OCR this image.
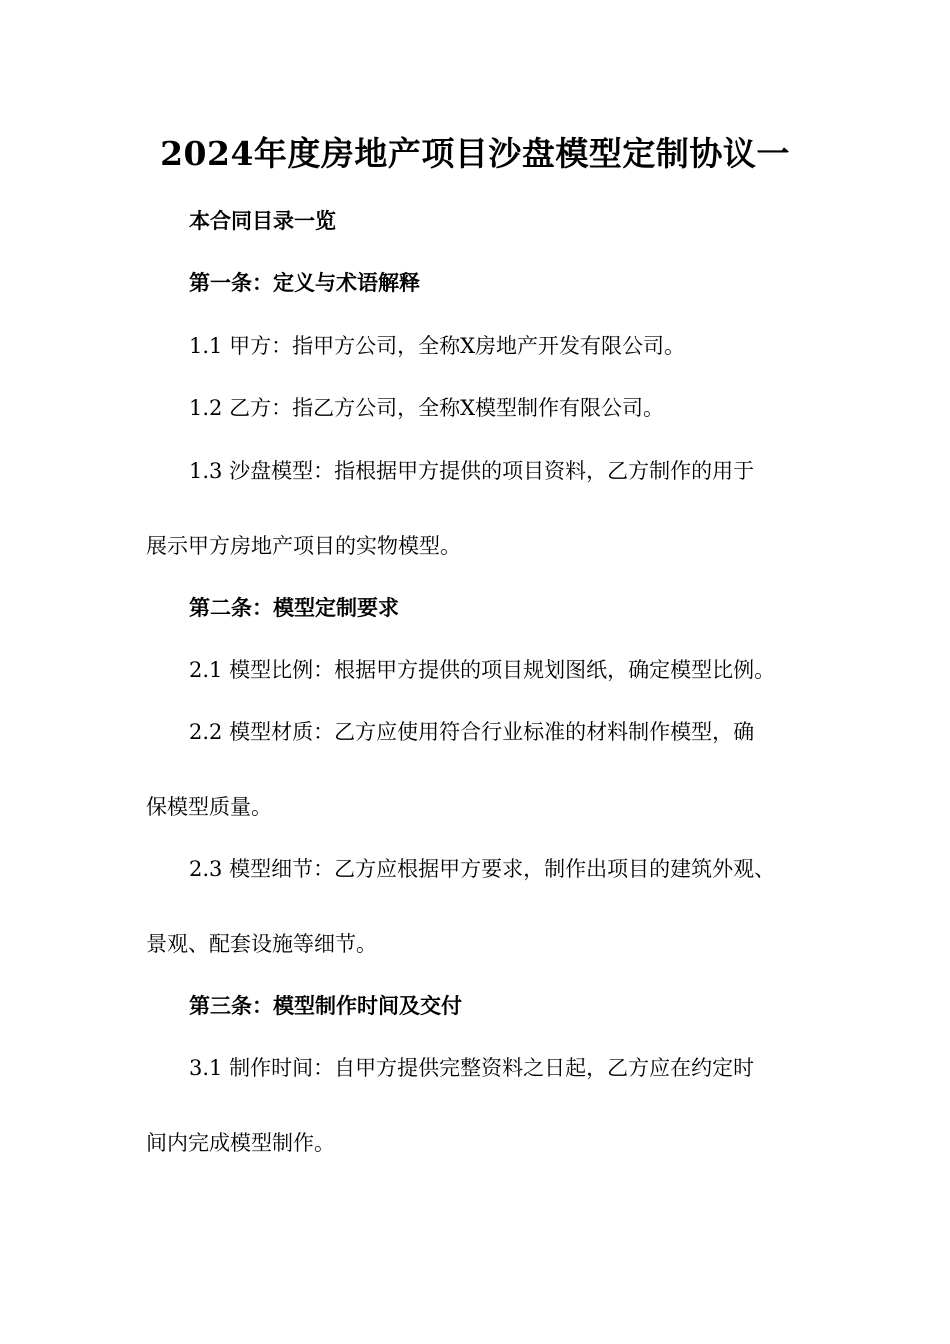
2024年度房地产项目沙盘模型定制协议一
本合同目录一览
第一条：定义与术语解释
1.1 甲方：指甲方公司，全称X房地产开发有限公司。
1.2 乙方：指乙方公司，全称X模型制作有限公司。
1.3 沙盘模型：指根据甲方提供的项目资料，乙方制作的用于
展示甲方房地产项目的实物模型。
第二条：模型定制要求
2.1 模型比例：根据甲方提供的项目规划图纸，确定模型比例。
2.2 模型材质：乙方应使用符合行业标准的材料制作模型，确
保模型质量。
2.3 模型细节：乙方应根据甲方要求，制作出项目的建筑外观、
景观、配套设施等细节。
第三条：模型制作时间及交付
3.1 制作时间：自甲方提供完整资料之日起，乙方应在约定时
间内完成模型制作。
